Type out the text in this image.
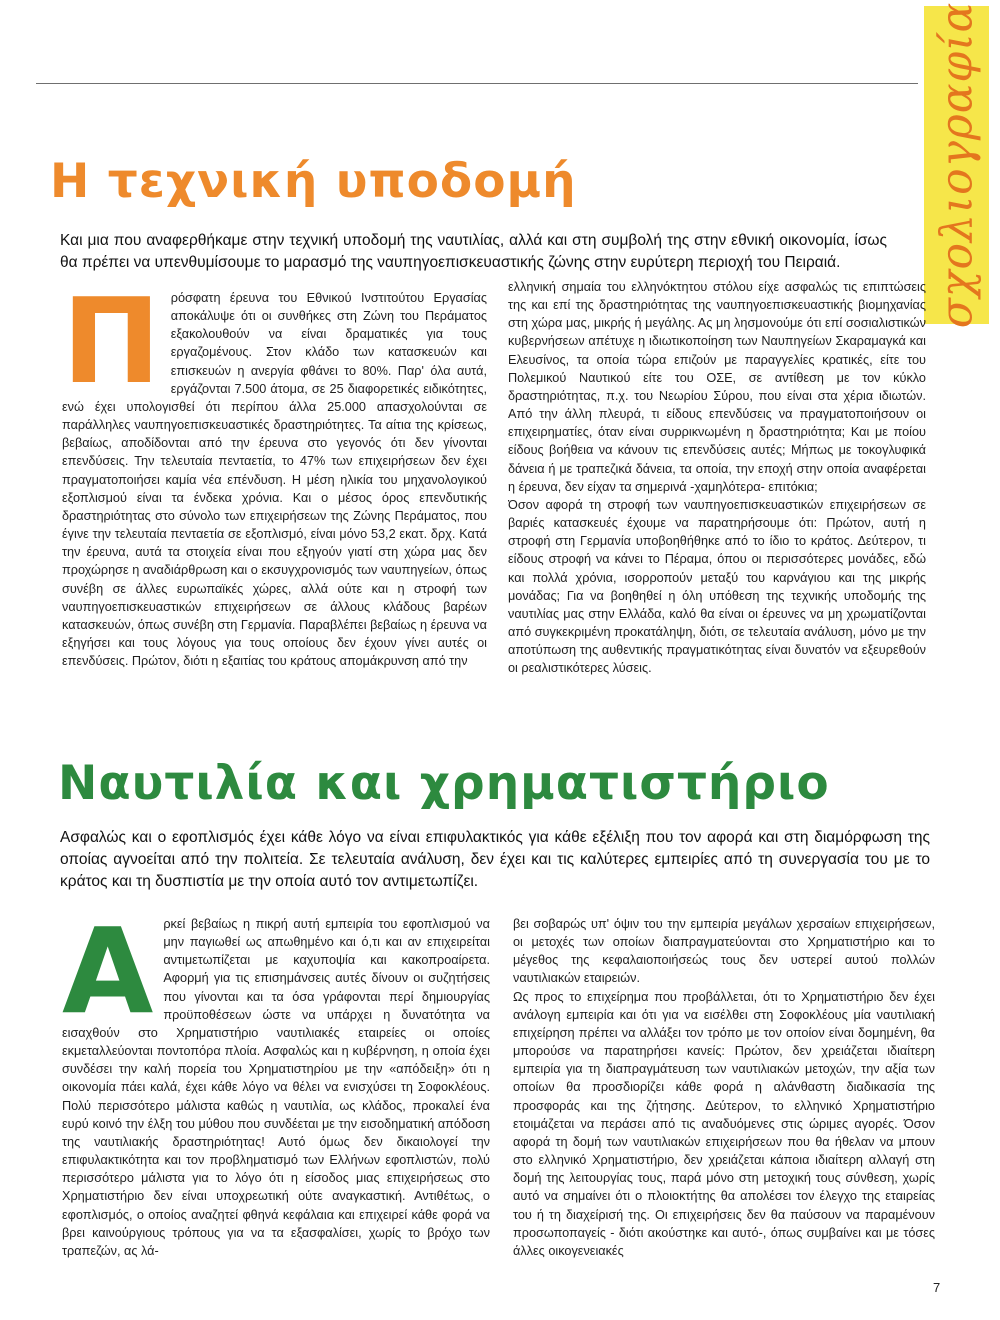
σχολιογραφία
Η τεχνική υποδομή

Και μια που αναφερθήκαμε στην τεχνική υποδομή της ναυτιλίας, αλλά και στη συμβολή της στην εθνική οικονομία, ίσως θα πρέπει να υπενθυμίσουμε το μαρασμό της ναυπηγοεπισκευαστικής ζώνης στην ευρύτερη περιοχή του Πειραιά.

Π ρόσφατη έρευνα του Εθνικού Ινστιτούτου Εργασίας αποκάλυψε ότι οι συνθήκες στη Ζώνη του Περάματος εξακολουθούν να είναι δραματικές για τους εργαζομένους. Στον κλάδο των κατασκευών και επισκευών η ανεργία φθάνει το 80%. Παρ' όλα αυτά, εργάζονται 7.500 άτομα, σε 25 διαφορετικές ειδικότητες, ενώ έχει υπολογισθεί ότι περίπου άλλα 25.000 απασχολούνται σε παράλληλες ναυπηγοεπισκευαστικές δραστηριότητες. Τα αίτια της κρίσεως, βεβαίως, αποδίδονται από την έρευνα στο γεγονός ότι δεν γίνονται επενδύσεις. Την τελευταία πενταετία, το 47% των επιχειρήσεων δεν έχει πραγματοποιήσει καμία νέα επένδυση. Η μέση ηλικία του μηχανολογικού εξοπλισμού είναι τα ένδεκα χρόνια. Και ο μέσος όρος επενδυτικής δραστηριότητας στο σύνολο των επιχειρήσεων της Ζώνης Περάματος, που έγινε την τελευταία πενταετία σε εξοπλισμό, είναι μόνο 53,2 εκατ. δρχ. Κατά την έρευνα, αυτά τα στοιχεία είναι που εξηγούν γιατί στη χώρα μας δεν προχώρησε η αναδιάρθρωση και ο εκσυγχρονισμός των ναυπηγείων, όπως συνέβη σε άλλες ευρωπαϊκές χώρες, αλλά ούτε και η στροφή των ναυπηγοεπισκευαστικών επιχειρήσεων σε άλλους κλάδους βαρέων κατασκευών, όπως συνέβη στη Γερμανία. Παραβλέπει βεβαίως η έρευνα να εξηγήσει και τους λόγους για τους οποίους δεν έχουν γίνει αυτές οι επενδύσεις. Πρώτον, διότι η εξαιτίας του κράτους απομάκρυνση από την
ελληνική σημαία του ελληνόκτητου στόλου είχε ασφαλώς τις επιπτώσεις της και επί της δραστηριότητας της ναυπηγοεπισκευαστικής βιομηχανίας στη χώρα μας, μικρής ή μεγάλης. Ας μη λησμονούμε ότι επί σοσιαλιστικών κυβερνήσεων απέτυχε η ιδιωτικοποίηση των Ναυπηγείων Σκαραμαγκά και Ελευσίνος, τα οποία τώρα επιζούν με παραγγελίες κρατικές, είτε του Πολεμικού Ναυτικού είτε του ΟΣΕ, σε αντίθεση με τον κύκλο δραστηριότητας, π.χ. του Νεωρίου Σύρου, που είναι στα χέρια ιδιωτών. Από την άλλη πλευρά, τι είδους επενδύσεις να πραγματοποιήσουν οι επιχειρηματίες, όταν είναι συρρικνωμένη η δραστηριότητα; Και με ποίου είδους βοήθεια να κάνουν τις επενδύσεις αυτές; Μήπως με τοκογλυφικά δάνεια ή με τραπεζικά δάνεια, τα οποία, την εποχή στην οποία αναφέρεται η έρευνα, δεν είχαν τα σημερινά -χαμηλότερα- επιτόκια;
Όσον αφορά τη στροφή των ναυπηγοεπισκευαστικών επιχειρήσεων σε βαριές κατασκευές έχουμε να παρατηρήσουμε ότι: Πρώτον, αυτή η στροφή στη Γερμανία υποβοηθήθηκε από το ίδιο το κράτος. Δεύτερον, τι είδους στροφή να κάνει το Πέραμα, όπου οι περισσότερες μονάδες, εδώ και πολλά χρόνια, ισορροπούν μεταξύ του καρνάγιου και της μικρής μονάδας; Για να βοηθηθεί η όλη υπόθεση της τεχνικής υποδομής της ναυτιλίας μας στην Ελλάδα, καλό θα είναι οι έρευνες να μη χρωματίζονται από συγκεκριμένη προκατάληψη, διότι, σε τελευταία ανάλυση, μόνο με την αποτύπωση της αυθεντικής πραγματικότητας είναι δυνατόν να εξευρεθούν οι ρεαλιστικότερες λύσεις.
Ναυτιλία και χρηματιστήριο

Ασφαλώς και ο εφοπλισμός έχει κάθε λόγο να είναι επιφυλακτικός για κάθε εξέλιξη που τον αφορά και στη διαμόρφωση της οποίας αγνοείται από την πολιτεία. Σε τελευταία ανάλυση, δεν έχει και τις καλύτερες εμπειρίες από τη συνεργασία του με το κράτος και τη δυσπιστία με την οποία αυτό τον αντιμετωπίζει.

Α ρκεί βεβαίως η πικρή αυτή εμπειρία του εφοπλισμού να μην παγιωθεί ως απωθημένο και ό,τι και αν επιχειρείται αντιμετωπίζεται με καχυποψία και κακοπροαίρετα. Αφορμή για τις επισημάνσεις αυτές δίνουν οι συζητήσεις που γίνονται και τα όσα γράφονται περί δημιουργίας προϋποθέσεων ώστε να υπάρχει η δυνατότητα να εισαχθούν στο Χρηματιστήριο ναυτιλιακές εταιρείες οι οποίες εκμεταλλεύονται ποντοπόρα πλοία. Ασφαλώς και η κυβέρνηση, η οποία έχει συνδέσει την καλή πορεία του Χρηματιστηρίου με την «απόδειξη» ότι η οικονομία πάει καλά, έχει κάθε λόγο να θέλει να ενισχύσει τη Σοφοκλέους. Πολύ περισσότερο μάλιστα καθώς η ναυτιλία, ως κλάδος, προκαλεί ένα ευρύ κοινό την έλξη του μύθου που συνδέεται με την εισοδηματική απόδοση της ναυτιλιακής δραστηριότητας! Αυτό όμως δεν δικαιολογεί την επιφυλακτικότητα και τον προβληματισμό των Ελλήνων εφοπλιστών, πολύ περισσότερο μάλιστα για το λόγο ότι η είσοδος μιας επιχειρήσεως στο Χρηματιστήριο δεν είναι υποχρεωτική ούτε αναγκαστική. Αντιθέτως, ο εφοπλισμός, ο οποίος αναζητεί φθηνά κεφάλαια και επιχειρεί κάθε φορά να βρει καινούργιους τρόπους για να τα εξασφαλίσει, χωρίς το βρόχο των τραπεζών, ας λά-
βει σοβαρώς υπ' όψιν του την εμπειρία μεγάλων χερσαίων επιχειρήσεων, οι μετοχές των οποίων διαπραγματεύονται στο Χρηματιστήριο και το μέγεθος της κεφαλαιοποιήσεώς τους δεν υστερεί αυτού πολλών ναυτιλιακών εταιρειών.
Ως προς το επιχείρημα που προβάλλεται, ότι το Χρηματιστήριο δεν έχει ανάλογη εμπειρία και ότι για να εισέλθει στη Σοφοκλέους μία ναυτιλιακή επιχείρηση πρέπει να αλλάξει τον τρόπο με τον οποίον είναι δομημένη, θα μπορούσε να παρατηρήσει κανείς: Πρώτον, δεν χρειάζεται ιδιαίτερη εμπειρία για τη διαπραγμάτευση των ναυτιλιακών μετοχών, την αξία των οποίων θα προσδιορίζει κάθε φορά η αλάνθαστη διαδικασία της προσφοράς και της ζήτησης. Δεύτερον, το ελληνικό Χρηματιστήριο ετοιμάζεται να περάσει από τις αναδυόμενες στις ώριμες αγορές. Όσον αφορά τη δομή των ναυτιλιακών επιχειρήσεων που θα ήθελαν να μπουν στο ελληνικό Χρηματιστήριο, δεν χρειάζεται κάποια ιδιαίτερη αλλαγή στη δομή της λειτουργίας τους, παρά μόνο στη μετοχική τους σύνθεση, χωρίς αυτό να σημαίνει ότι ο πλοιοκτήτης θα απολέσει τον έλεγχο της εταιρείας του ή τη διαχείρισή της. Οι επιχειρήσεις δεν θα παύσουν να παραμένουν προσωποπαγείς - διότι ακούστηκε και αυτό-, όπως συμβαίνει και με τόσες άλλες οικογενειακές
7
